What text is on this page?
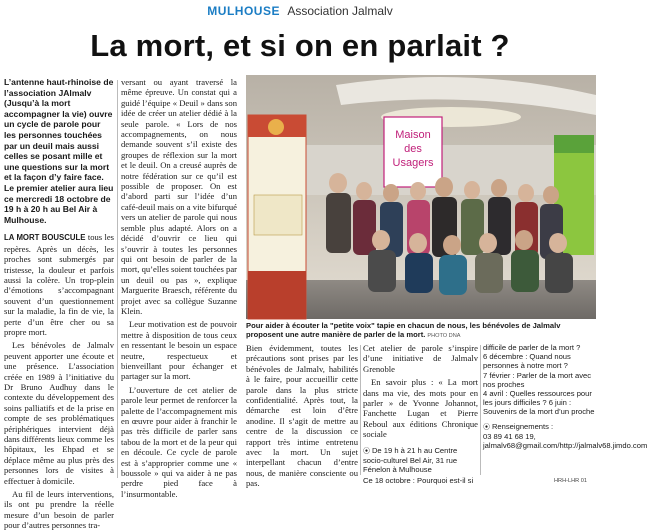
MULHOUSE Association Jalmalv
La mort, et si on en parlait ?

L’antenne haut-rhinoise de l’association JAlmalv (Jusqu’à la mort accompagner la vie) ouvre un cycle de parole pour les personnes touchées par un deuil mais aussi celles se posant mille et une questions sur la mort et la façon d’y faire face. Le premier atelier aura lieu ce mercredi 18 octobre de 19 h à 20 h au Bel Air à Mulhouse.

LA MORT BOUSCULE tous les repères. Après un décès, les proches sont submergés par tristesse, la douleur et parfois aussi la colère. Un trop-plein d’émotions s’accompagnant souvent d’un questionnement sur la maladie, la fin de vie, la perte d’un être cher ou sa propre mort.

Les bénévoles de Jalmalv peuvent apporter une écoute et une présence. L’association créée en 1989 à l’initiative du Dr Bruno Audhuy dans le contexte du développement des soins palliatifs et de la prise en compte de ses problématiques périphériques intervient déjà dans différents lieux comme les hôpitaux, les Ehpad et se déplace même au plus près des personnes lors de visites à effectuer à domicile.

Au fil de leurs interventions, ils ont pu prendre la réelle mesure d’un besoin de parler pour d’autres personnes tra-

versant ou ayant traversé la même épreuve. Un constat qui a guidé l’équipe « Deuil » dans son idée de créer un atelier dédié à la seule parole. « Lors de nos accompagnements, on nous demande souvent s’il existe des groupes de réflexion sur la mort et le deuil. On a creusé auprès de notre fédération sur ce qu’il est possible de proposer. On est d’abord parti sur l’idée d’un café-deuil mais on a vite bifurqué vers un atelier de parole qui nous semble plus adapté. Alors on a décidé d’ouvrir ce lieu qui s’ouvrir à toutes les personnes qui ont besoin de parler de la mort, qu’elles soient touchées par un deuil ou pas », explique Marguerite Braesch, référente du projet avec sa collègue Suzanne Klein.

Leur motivation est de pouvoir mettre à disposition de tous ceux en ressentant le besoin un espace neutre, respectueux et bienveillant pour échanger et partager sur la mort.

L’ouverture de cet atelier de parole leur permet de renforcer la palette de l’accompagnement mis en œuvre pour aider à franchir le pas très difficile de parler sans tabou de la mort et de la peur qui en découle. Ce cycle de parole est à s’approprier comme une « boussole » qui va aider à ne pas perdre pied face à l’insurmontable.

Maison
des
Usagers
Pour aider à écouter la "petite voix" tapie en chacun de nous, les bénévoles de Jalmalv proposent une autre manière de parler de la mort. PHOTO DNA

Bien évidemment, toutes les précautions sont prises par les bénévoles de Jalmalv, habilités à le faire, pour accueillir cette parole dans la plus stricte confidentialité. Après tout, la démarche est loin d’être anodine. Il s’agit de mettre au centre de la discussion ce rapport très intime entretenu avec la mort. Un sujet interpellant chacun d’entre nous, de manière consciente ou pas.

Cet atelier de parole s’inspire d’une initiative de Jalmalv Grenoble

En savoir plus : « La mort dans ma vie, des mots pour en parler » de Yvonne Johannot, Fanchette Lugan et Pierre Reboul aux éditions Chronique sociale

⦿ De 19 h à 21 h au Centre socio-culturel Bel Air, 31 rue Fénelon à Mulhouse
Ce 18 octobre : Pourquoi est-il si

difficile de parler de la mort ?

6 décembre : Quand nous personnes à notre mort ?

7 février : Parler de la mort avec nos proches

4 avril : Quelles ressources pour les jours difficiles ? 6 juin : Souvenirs de la mort d’un proche

⦿ Renseignements :

03 89 41 68 19, jalmalv68@gmail.com/http://jalmalv68.jimdo.com

HRH-LHR 01
